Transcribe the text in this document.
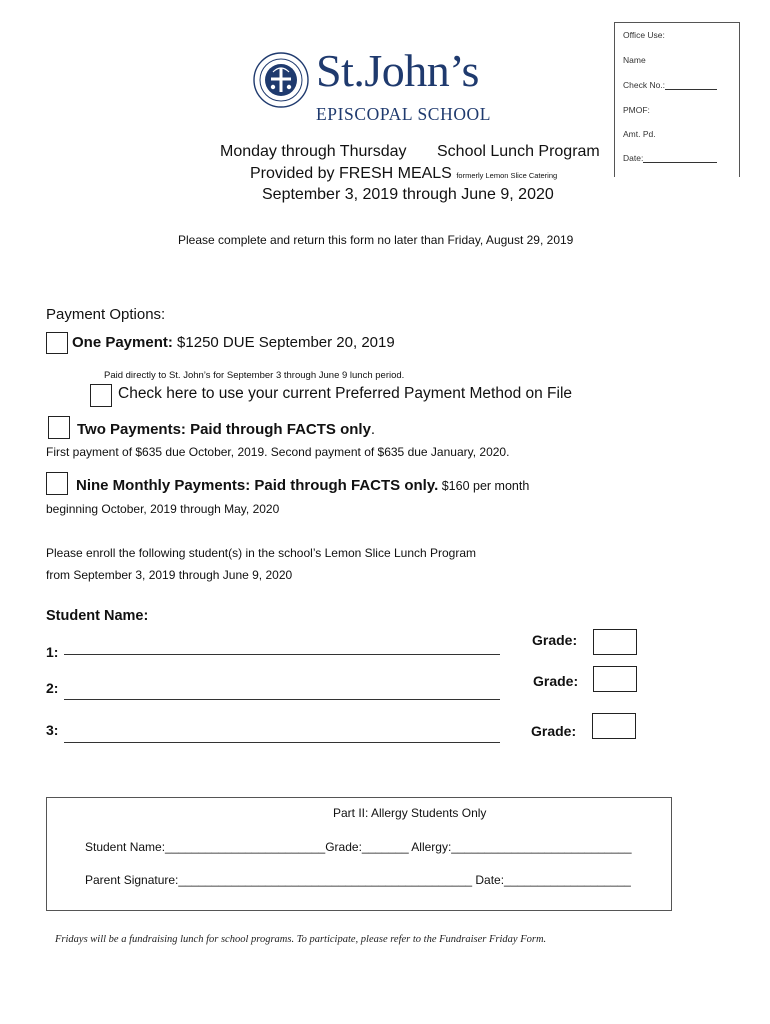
Office Use:
Name
Check No.:
PMOF:
Amt. Pd.
Date:
St.John’s
EPISCOPAL SCHOOL
Monday through Thursday School Lunch Program
Provided by FRESH MEALS formerly Lemon Slice Catering
September 3, 2019 through June 9, 2020
Please complete and return this form no later than Friday, August 29, 2019
Payment Options:
One Payment: $1250 DUE September 20, 2019
Paid directly to St. John’s for September 3 through June 9 lunch period.
Check here to use your current Preferred Payment Method on File
Two Payments: Paid through FACTS only.
First payment of $635 due October, 2019. Second payment of $635 due January, 2020.
Nine Monthly Payments: Paid through FACTS only. $160 per month
beginning October, 2019 through May, 2020
Please enroll the following student(s) in the school’s Lemon Slice Lunch Program
from September 3, 2019 through June 9, 2020
Student Name:
1:
Grade:
2:	Grade:
3:	Grade:
Part II: Allergy Students Only
Student Name:________________________Grade:_______ Allergy:___________________________
Parent Signature:____________________________________________ Date:___________________
Fridays will be a fundraising lunch for school programs. To participate, please refer to the Fundraiser Friday Form.
